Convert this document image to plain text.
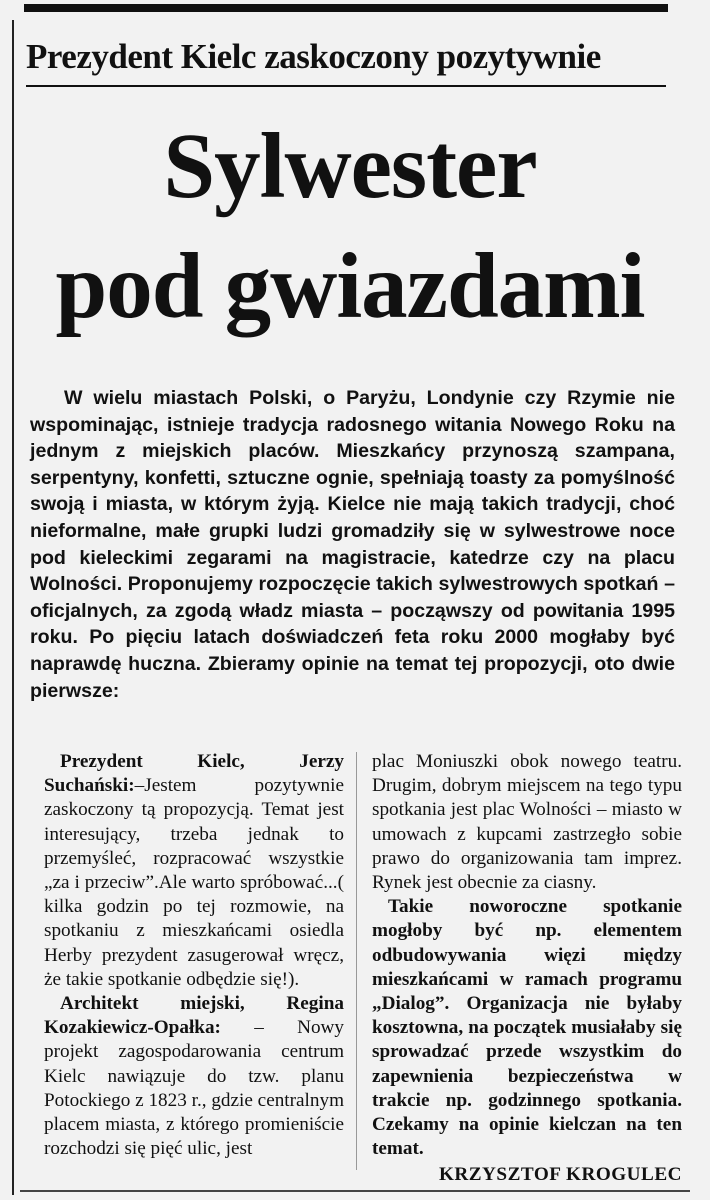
Prezydent Kielc zaskoczony pozytywnie
Sylwester
pod gwiazdami

W wielu miastach Polski, o Paryżu, Londynie czy Rzymie nie wspominając, istnieje tradycja radosnego witania Nowego Roku na jednym z miejskich placów. Mieszkańcy przynoszą szampana, serpentyny, konfetti, sztuczne ognie, spełniają toasty za pomyślność swoją i miasta, w którym żyją. Kielce nie mają takich tradycji, choć nieformalne, małe grupki ludzi gromadziły się w sylwestrowe noce pod kieleckimi zegarami na magistracie, katedrze czy na placu Wolności. Proponujemy rozpoczęcie takich sylwestrowych spotkań – oficjalnych, za zgodą władz miasta – począwszy od powitania 1995 roku. Po pięciu latach doświadczeń feta roku 2000 mogłaby być naprawdę huczna. Zbieramy opinie na temat tej propozycji, oto dwie pierwsze:

Prezydent Kielc, Jerzy Suchański:–Jestem pozytywnie zaskoczony tą propozycją. Temat jest interesujący, trzeba jednak to przemyśleć, rozpracować wszystkie „za i przeciw”.Ale warto spróbować...( kilka godzin po tej rozmowie, na spotkaniu z mieszkańcami osiedla Herby prezydent zasugerował wręcz, że takie spotkanie odbędzie się!).

Architekt miejski, Regina Kozakiewicz-Opałka: – Nowy projekt zagospodarowania centrum Kielc nawiązuje do tzw. planu Potockiego z 1823 r., gdzie centralnym placem miasta, z którego promieniście rozchodzi się pięć ulic, jest

plac Moniuszki obok nowego teatru. Drugim, dobrym miejscem na tego typu spotkania jest plac Wolności – miasto w umowach z kupcami zastrzegło sobie prawo do organizowania tam imprez. Rynek jest obecnie za ciasny.

Takie noworoczne spotkanie mogłoby być np. elementem odbudowywania więzi między mieszkańcami w ramach programu „Dialog”. Organizacja nie byłaby kosztowna, na początek musiałaby się sprowadzać przede wszystkim do zapewnienia bezpieczeństwa w trakcie np. godzinnego spotkania. Czekamy na opinie kielczan na ten temat.

KRZYSZTOF KROGULEC
